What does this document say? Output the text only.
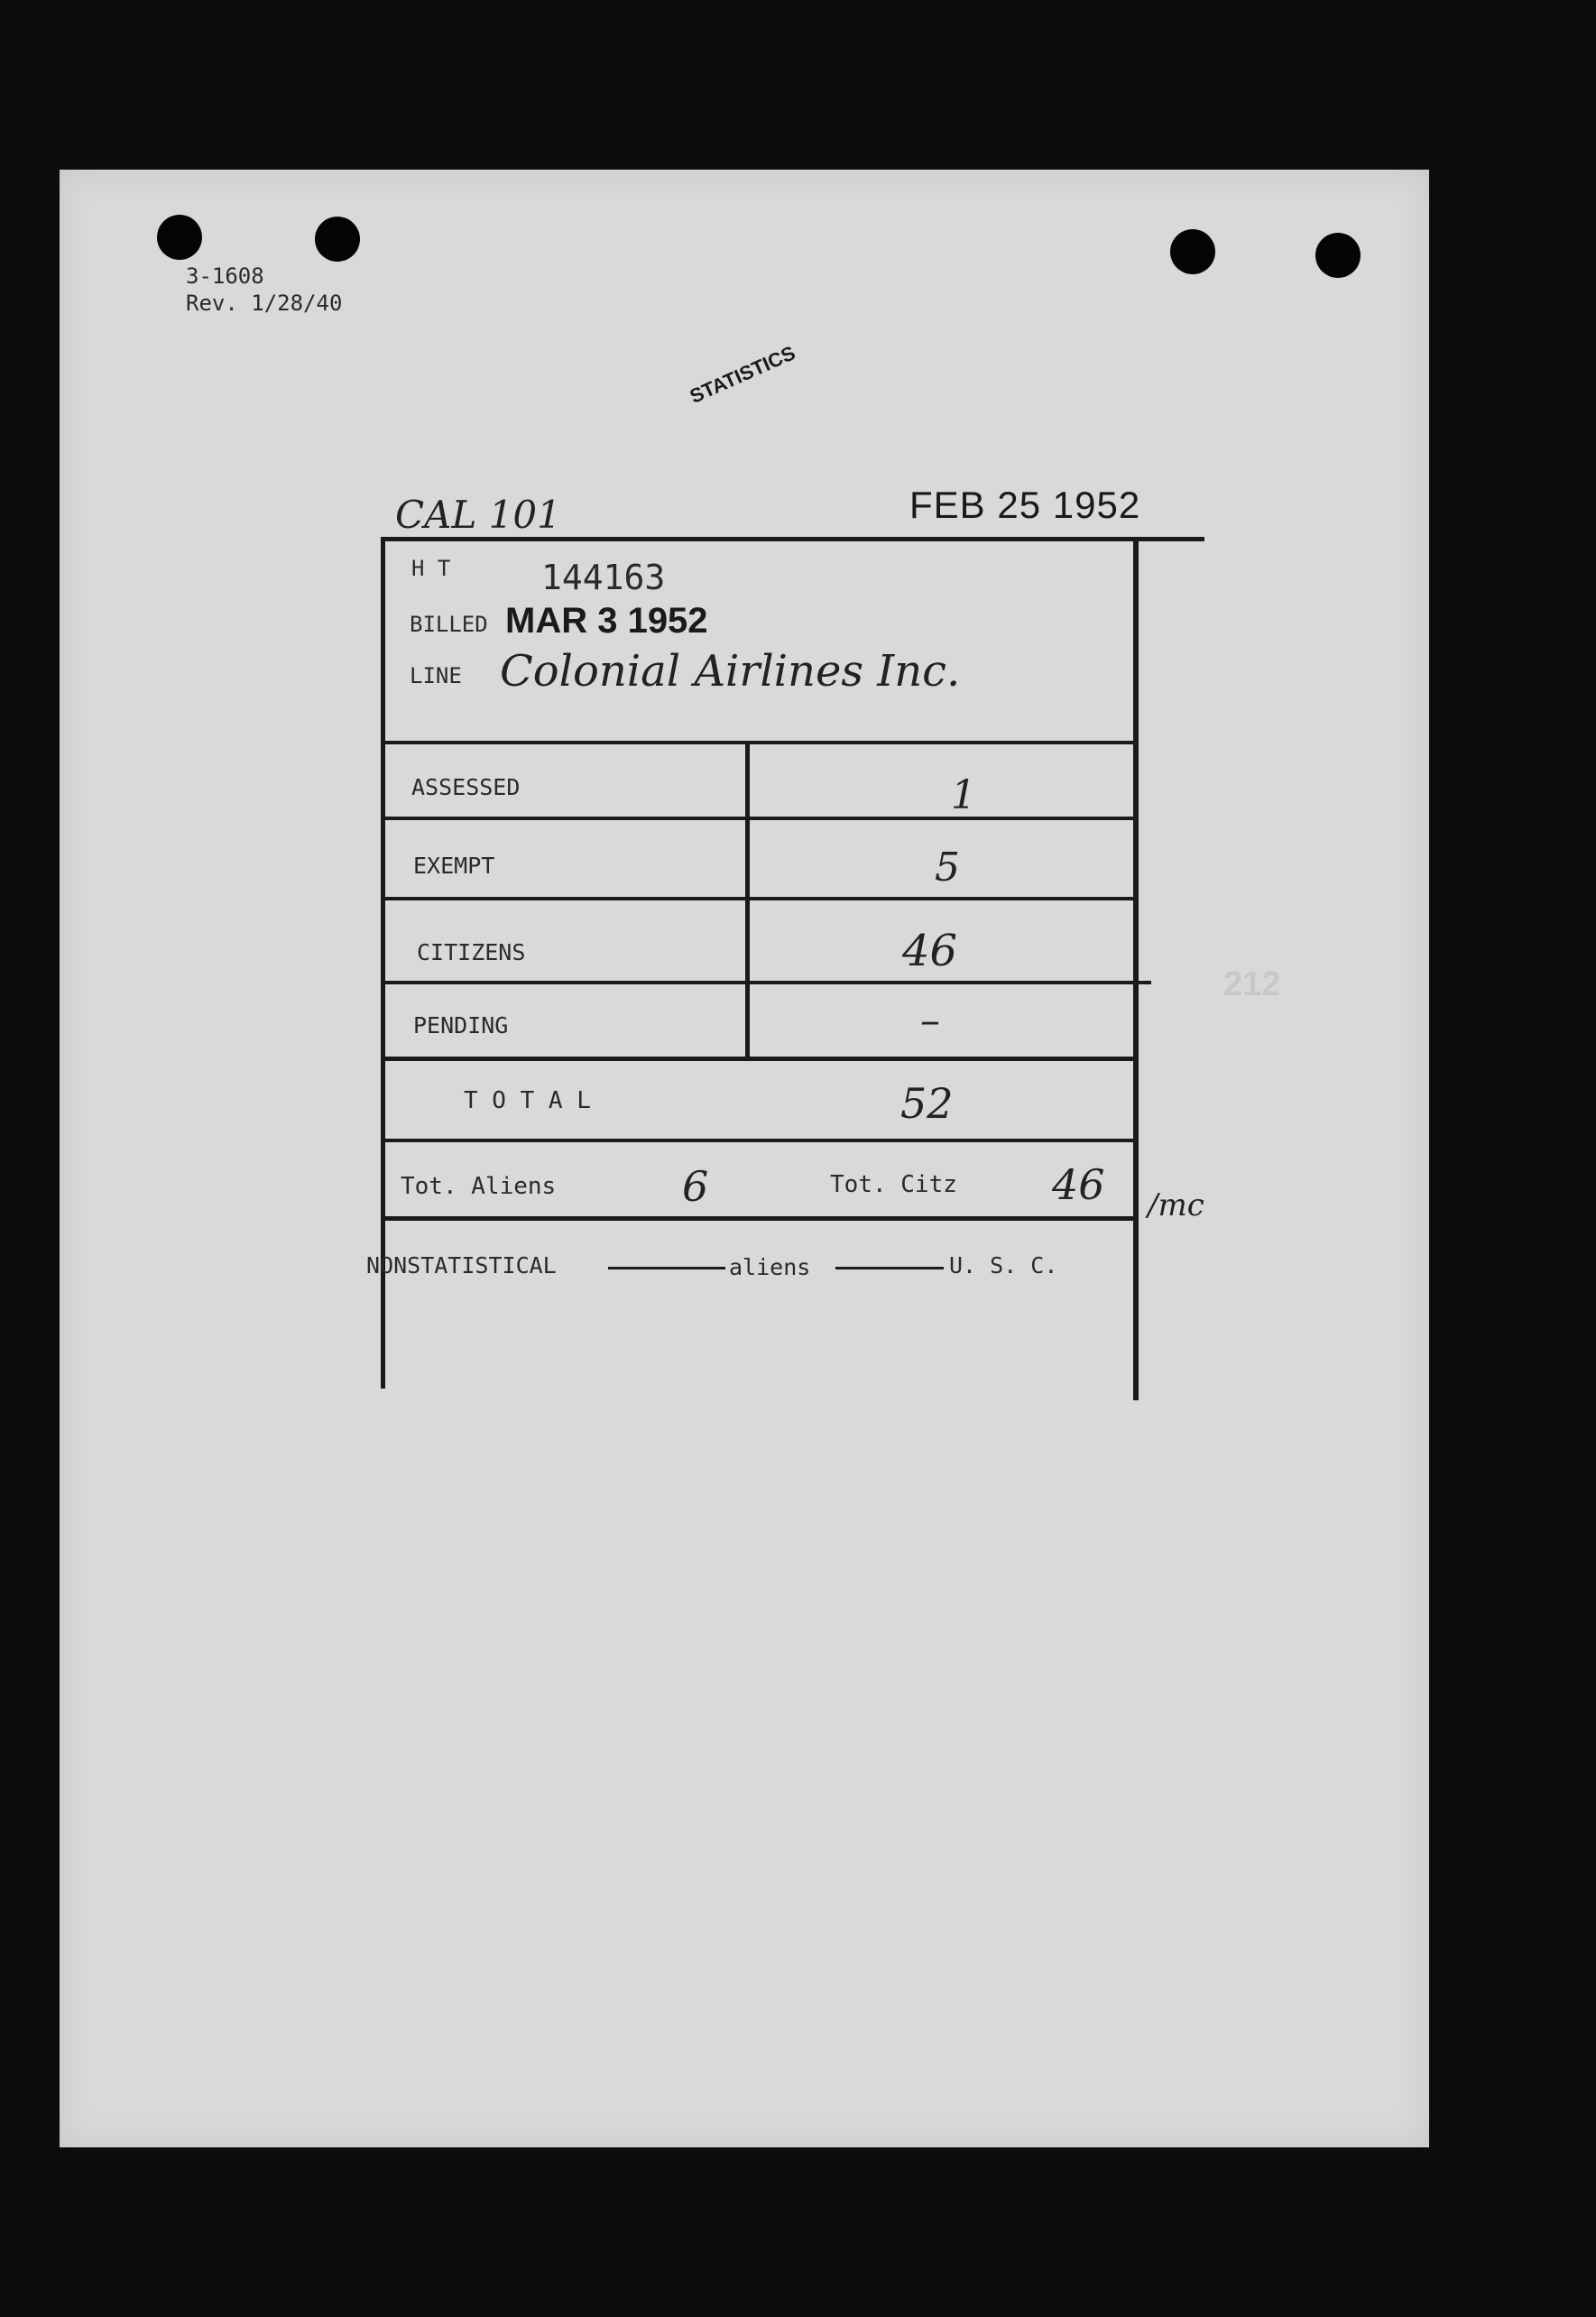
3-1608
Rev. 1/28/40
STATISTICS
CAL 101	FEB 25 1952
212
H T	144163
BILLED MAR 3 1952
LINE Colonial Airlines Inc.
ASSESSED	1
EXEMPT	5
CITIZENS	46
PENDING	–
T O T A L	52
Tot. Aliens	6	Tot. Citz 46 /mc
NONSTATISTICAL	aliens	U. S. C.
